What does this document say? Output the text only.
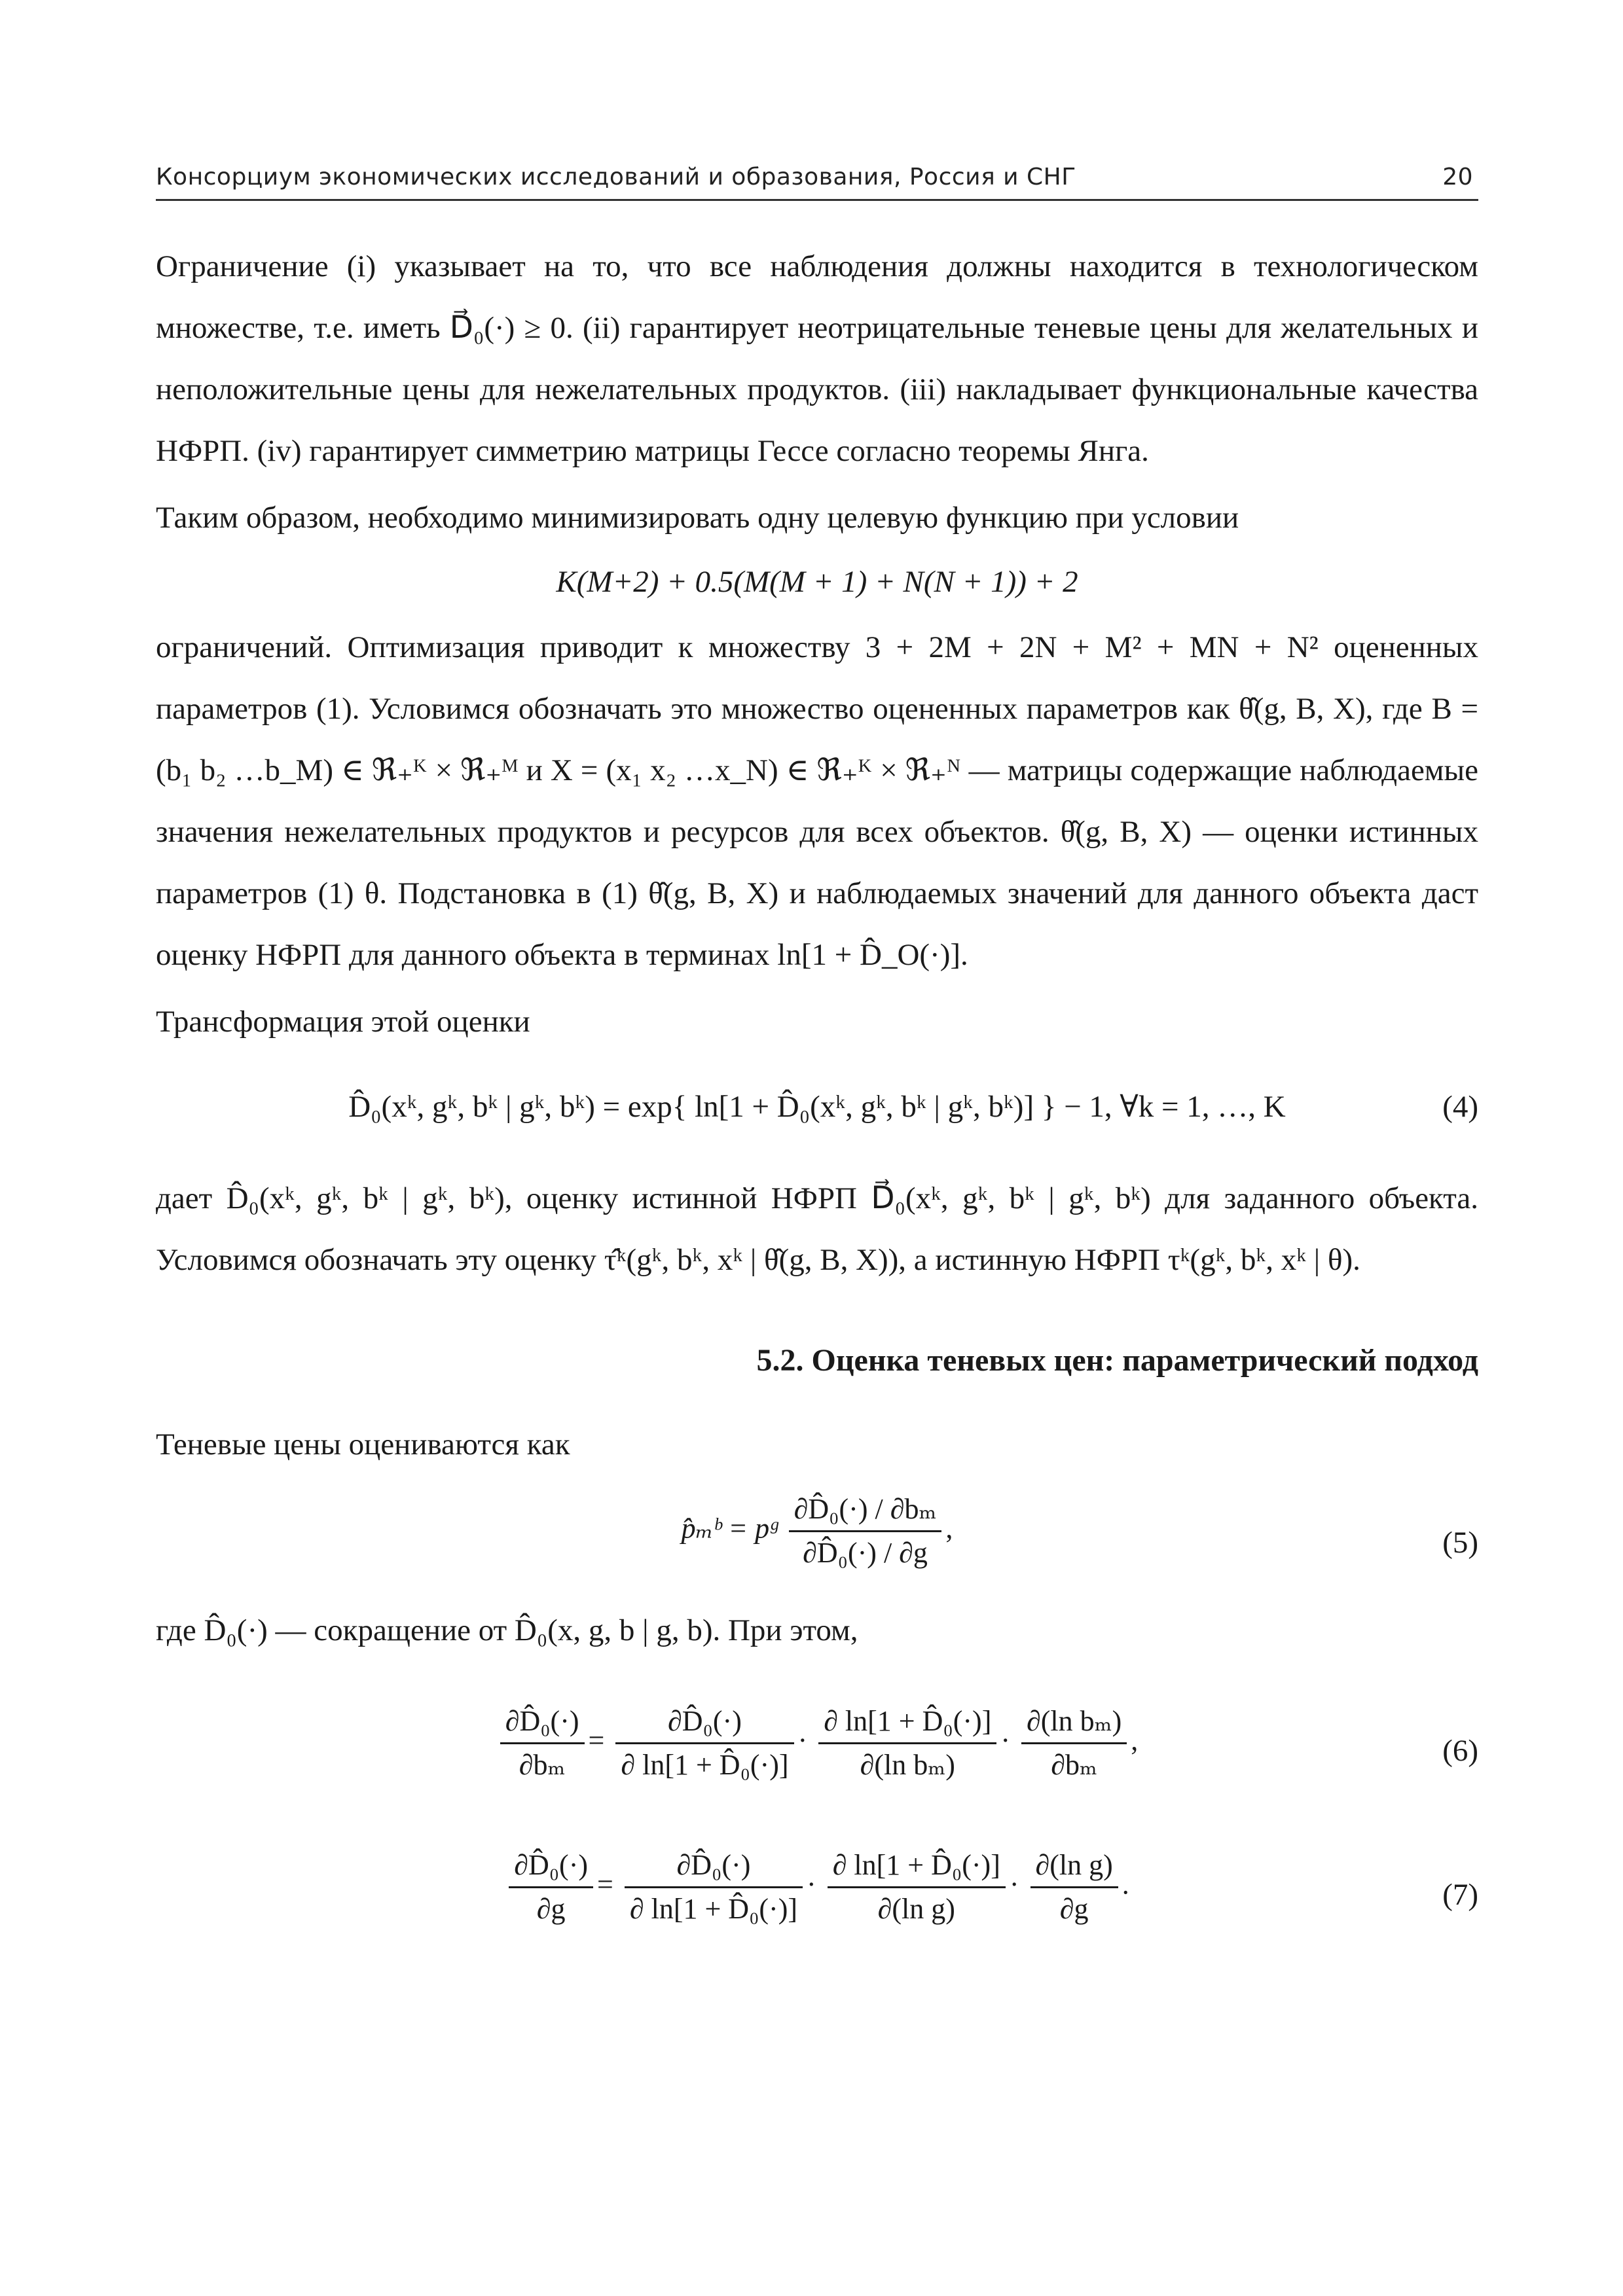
Консорциум экономических исследований и образования, Россия и СНГ	20

Ограничение (i) указывает на то, что все наблюдения должны находится в технологическом множестве, т.е. иметь D⃗₀(·) ≥ 0. (ii) гарантирует неотрицательные теневые цены для желательных и неположительные цены для нежелательных продуктов. (iii) накладывает функциональные качества НФРП. (iv) гарантирует симметрию матрицы Гессе согласно теоремы Янга.

Таким образом, необходимо минимизировать одну целевую функцию при условии

K(M+2) + 0.5(M(M + 1) + N(N + 1)) + 2

ограничений. Оптимизация приводит к множеству 3 + 2M + 2N + M² + MN + N² оцененных параметров (1). Условимся обозначать это множество оцененных параметров как θ̂(g, B, X), где B = (b₁ b₂ …b_M) ∈ ℜ₊ᴷ × ℜ₊ᴹ и X = (x₁ x₂ …x_N) ∈ ℜ₊ᴷ × ℜ₊ᴺ — матрицы содержащие наблюдаемые значения нежелательных продуктов и ресурсов для всех объектов. θ̂(g, B, X) — оценки истинных параметров (1) θ. Подстановка в (1) θ̂(g, B, X) и наблюдаемых значений для данного объекта даст оценку НФРП для данного объекта в терминах ln[1 + D̂̂_O(·)].

Трансформация этой оценки

D̂̂₀(xᵏ, gᵏ, bᵏ | gᵏ, bᵏ) = exp{ ln[1 + D̂̂₀(xᵏ, gᵏ, bᵏ | gᵏ, bᵏ)] } − 1, ∀k = 1, …, K	(4)

дает D̂̂₀(xᵏ, gᵏ, bᵏ | gᵏ, bᵏ), оценку истинной НФРП D⃗₀(xᵏ, gᵏ, bᵏ | gᵏ, bᵏ) для заданного объекта. Условимся обозначать эту оценку τ̂ᵏ(gᵏ, bᵏ, xᵏ | θ̂(g, B, X)), а истинную НФРП τᵏ(gᵏ, bᵏ, xᵏ | θ).

5.2. Оценка теневых цен: параметрический подход

Теневые цены оцениваются как

p̂ₘᵇ = pᵍ $\frac{\text{∂D̂̂₀(·) / ∂bₘ}}{\text{∂D̂̂₀(·) / ∂g}}$ ,	(5)

где D̂̂₀(·) — сокращение от D̂̂₀(x, g, b | g, b). При этом,

$\frac{\text{∂D̂̂₀(·)}}{\text{∂bₘ}} = \frac{\text{∂D̂̂₀(·)}}{\text{∂ ln[1 + D̂̂₀(·)]}} \cdot \frac{\text{∂ ln[1 + D̂̂₀(·)]}}{\text{∂(ln bₘ)}} \cdot \frac{\text{∂(ln bₘ)}}{\text{∂bₘ}}$ ,	(6)
$\frac{\text{∂D̂̂₀(·)}}{\partial g} = \frac{\text{∂D̂̂₀(·)}}{\text{∂ ln[1 + D̂̂₀(·)]}} \cdot \frac{\text{∂ ln[1 + D̂̂₀(·)]}}{\text{∂(ln g)}} \cdot \frac{\text{∂(ln g)}}{\partial g}$ .	(7)
